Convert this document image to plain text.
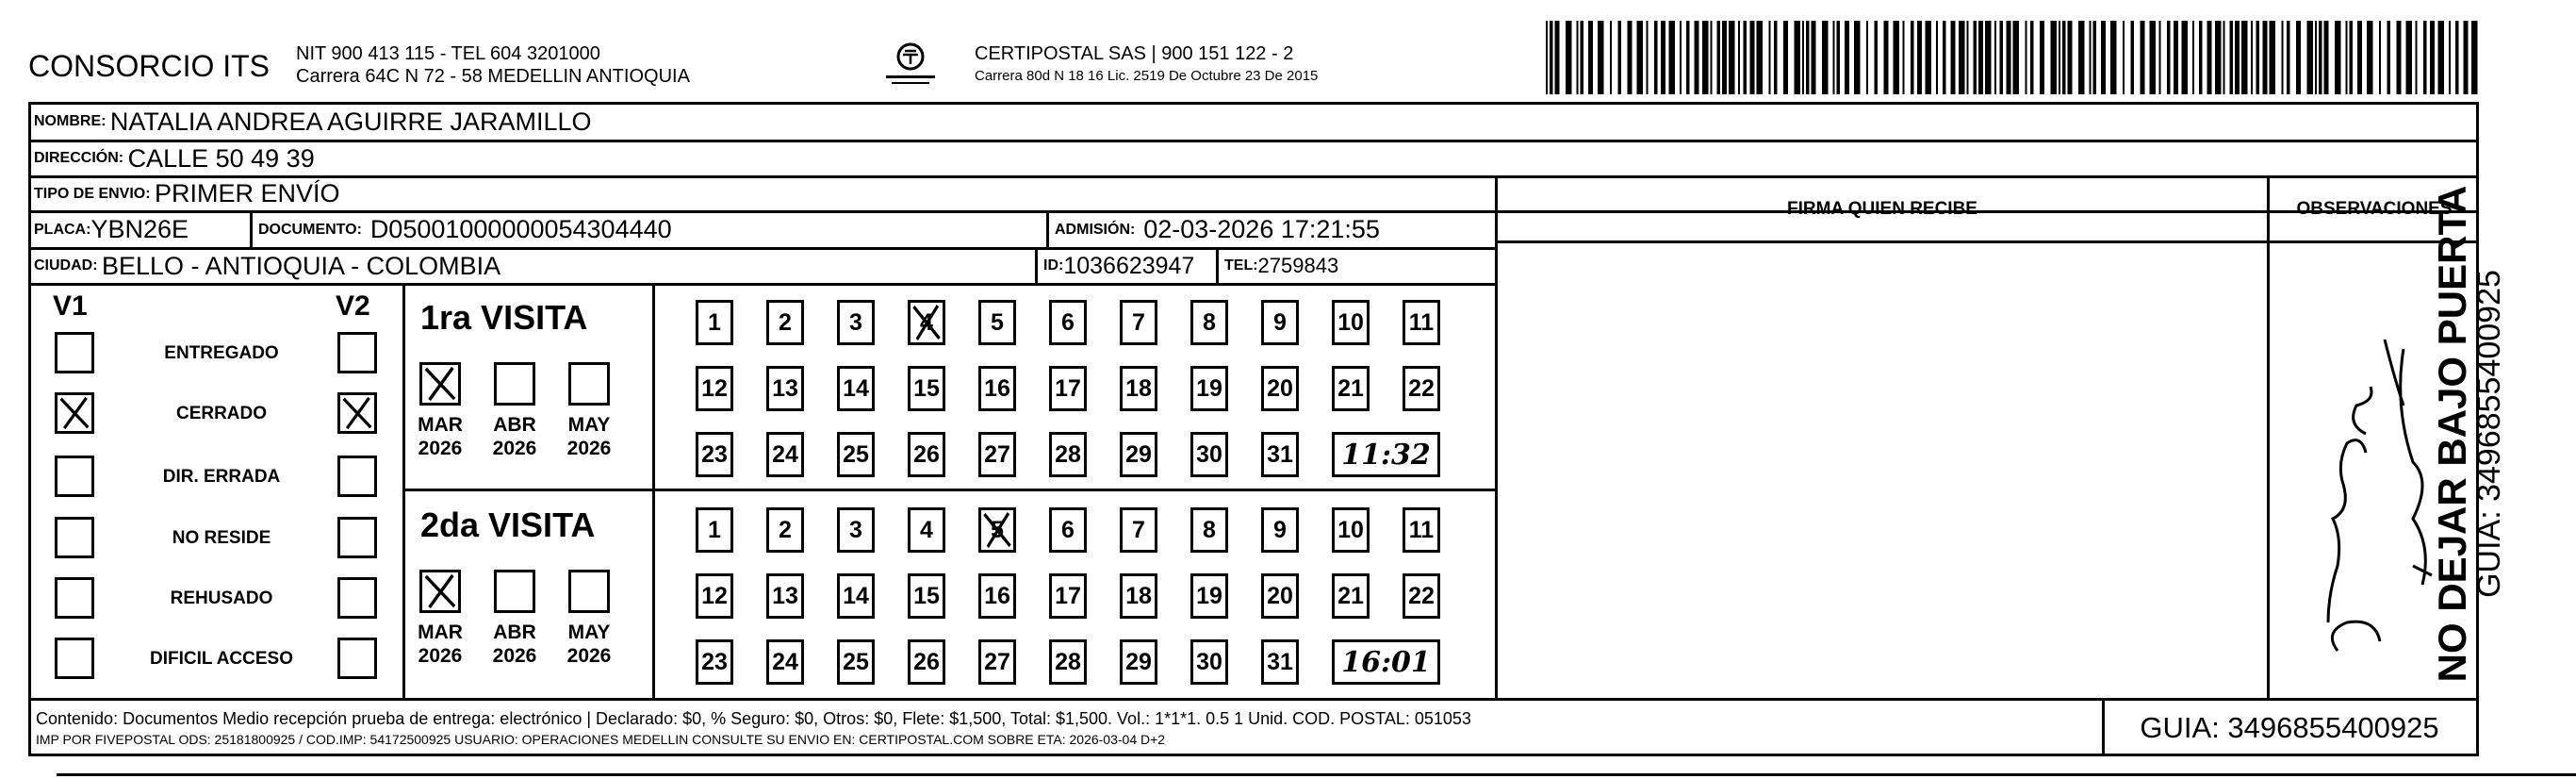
CONSORCIO ITS NIT 900 413 115 - TEL 604 3201000
Carrera 64C N 72 - 58 MEDELLIN ANTIOQUIA
CERTIPOSTAL SAS | 900 151 122 - 2
Carrera 80d N 18 16 Lic. 2519 De Octubre 23 De 2015
NOMBRE:
NATALIA ANDREA AGUIRRE JARAMILLO
DIRECCIÓN:
CALLE 50 49 39
TIPO DE ENVIO:
PRIMER ENVÍO
PLACA: YBN26E	DOCUMENTO:
D05001000000054304440	ADMISIÓN:
02-03-2026 17:21:55
CIUDAD:
BELLO - ANTIOQUIA - COLOMBIA	ID: 1036623947 TEL: 2759843
FIRMA QUIEN RECIBE	OBSERVACIONES
V1	V2
ENTREGADO
CERRADO
DIR. ERRADA
NO RESIDE
REHUSADO
DIFICIL ACCESO
1ra VISITA
MAR
2026
ABR
2026
MAY
2026
1 2 3 4 5 6 7 8 9 10 11
12 13 14 15 16 17 18 19 20 21 22
23 24 25 26 27 28 29 30 31	11:32
2da VISITA
MAR
2026
ABR
2026
MAY
2026
1 2 3 4 5 6 7 8 9 10 11
12 13 14 15 16 17 18 19 20 21 22
23 24 25 26 27 28 29 30 31	16:01
Contenido: Documentos Medio recepción prueba de entrega: electrónico | Declarado: $0, % Seguro: $0, Otros: $0, Flete: $1,500, Total: $1,500. Vol.: 1*1*1. 0.5 1 Unid. COD. POSTAL: 051053
IMP POR FIVEPOSTAL ODS: 25181800925 / COD.IMP: 54172500925 USUARIO: OPERACIONES MEDELLIN CONSULTE SU ENVIO EN: CERTIPOSTAL.COM SOBRE ETA: 2026-03-04 D+2	GUIA: 3496855400925
NO DEJAR BAJO PUERTA
GUIA: 3496855400925
